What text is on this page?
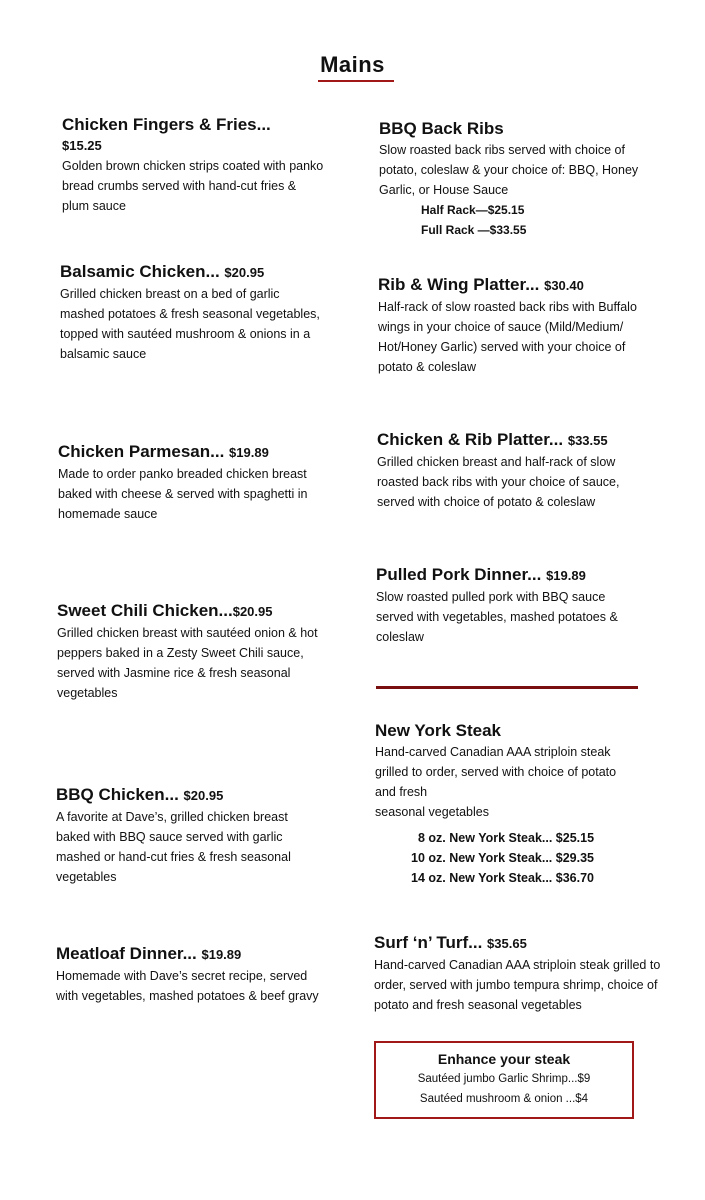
Mains
Chicken Fingers & Fries...
$15.25
Golden brown chicken strips coated with panko
bread crumbs served with hand-cut fries &
plum sauce
Balsamic Chicken... $20.95
Grilled chicken breast on a bed of garlic
mashed potatoes & fresh seasonal vegetables,
topped with sautéed mushroom & onions in a
balsamic sauce
Chicken Parmesan... $19.89
Made to order panko breaded chicken breast
baked with cheese & served with spaghetti in
homemade sauce
Sweet Chili Chicken...$20.95
Grilled chicken breast with sautéed onion & hot
peppers baked in a Zesty Sweet Chili sauce,
served with Jasmine rice & fresh seasonal
vegetables
BBQ Chicken... $20.95
A favorite at Dave’s, grilled chicken breast
baked with BBQ sauce served with garlic
mashed or hand-cut fries & fresh seasonal
vegetables
Meatloaf Dinner... $19.89
Homemade with Dave’s secret recipe, served
with vegetables, mashed potatoes & beef gravy
BBQ Back Ribs
Slow roasted back ribs served with choice of
potato, coleslaw & your choice of: BBQ, Honey
Garlic, or House Sauce
Half Rack—$25.15
Full Rack —$33.55
Rib & Wing Platter... $30.40
Half-rack of slow roasted back ribs with Buffalo
wings in your choice of sauce (Mild/Medium/
Hot/Honey Garlic) served with your choice of
potato & coleslaw
Chicken & Rib Platter... $33.55
Grilled chicken breast and half-rack of slow
roasted back ribs with your choice of sauce,
served with choice of potato & coleslaw
Pulled Pork Dinner... $19.89
Slow roasted pulled pork with BBQ sauce
served with vegetables, mashed potatoes &
coleslaw
New York Steak
Hand-carved Canadian AAA striploin steak
grilled to order, served with choice of potato
and fresh
seasonal vegetables
8 oz. New York Steak... $25.15
10 oz. New York Steak... $29.35
14 oz. New York Steak... $36.70
Surf ‘n’ Turf... $35.65
Hand-carved Canadian AAA striploin steak grilled to
order, served with jumbo tempura shrimp, choice of
potato and fresh seasonal vegetables
Enhance your steak
Sautéed jumbo Garlic Shrimp...$9
Sautéed mushroom & onion ...$4
